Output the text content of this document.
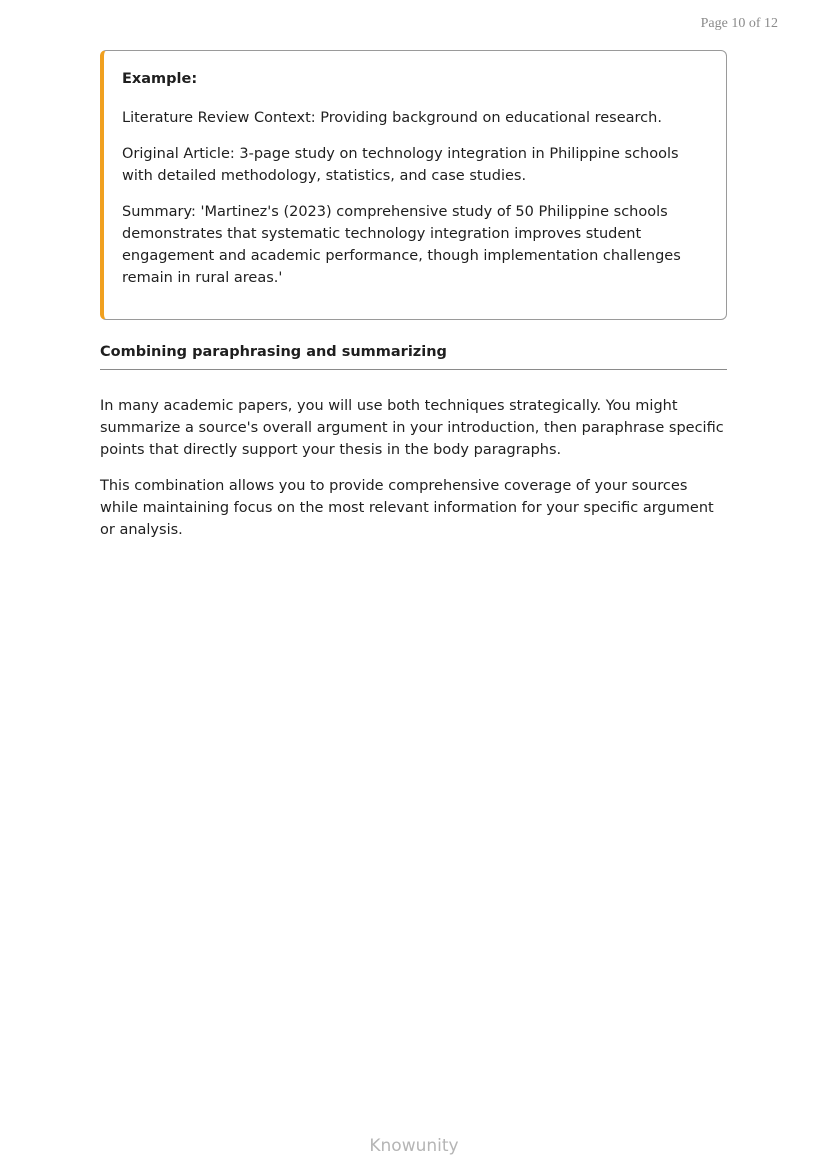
Page 10 of 12
Example:

Literature Review Context: Providing background on educational research.

Original Article: 3-page study on technology integration in Philippine schools with detailed methodology, statistics, and case studies.

Summary: 'Martinez's (2023) comprehensive study of 50 Philippine schools demonstrates that systematic technology integration improves student engagement and academic performance, though implementation challenges remain in rural areas.'

Combining paraphrasing and summarizing

In many academic papers, you will use both techniques strategically. You might summarize a source's overall argument in your introduction, then paraphrase specific points that directly support your thesis in the body paragraphs.

This combination allows you to provide comprehensive coverage of your sources while maintaining focus on the most relevant information for your specific argument or analysis.

Knowunity
